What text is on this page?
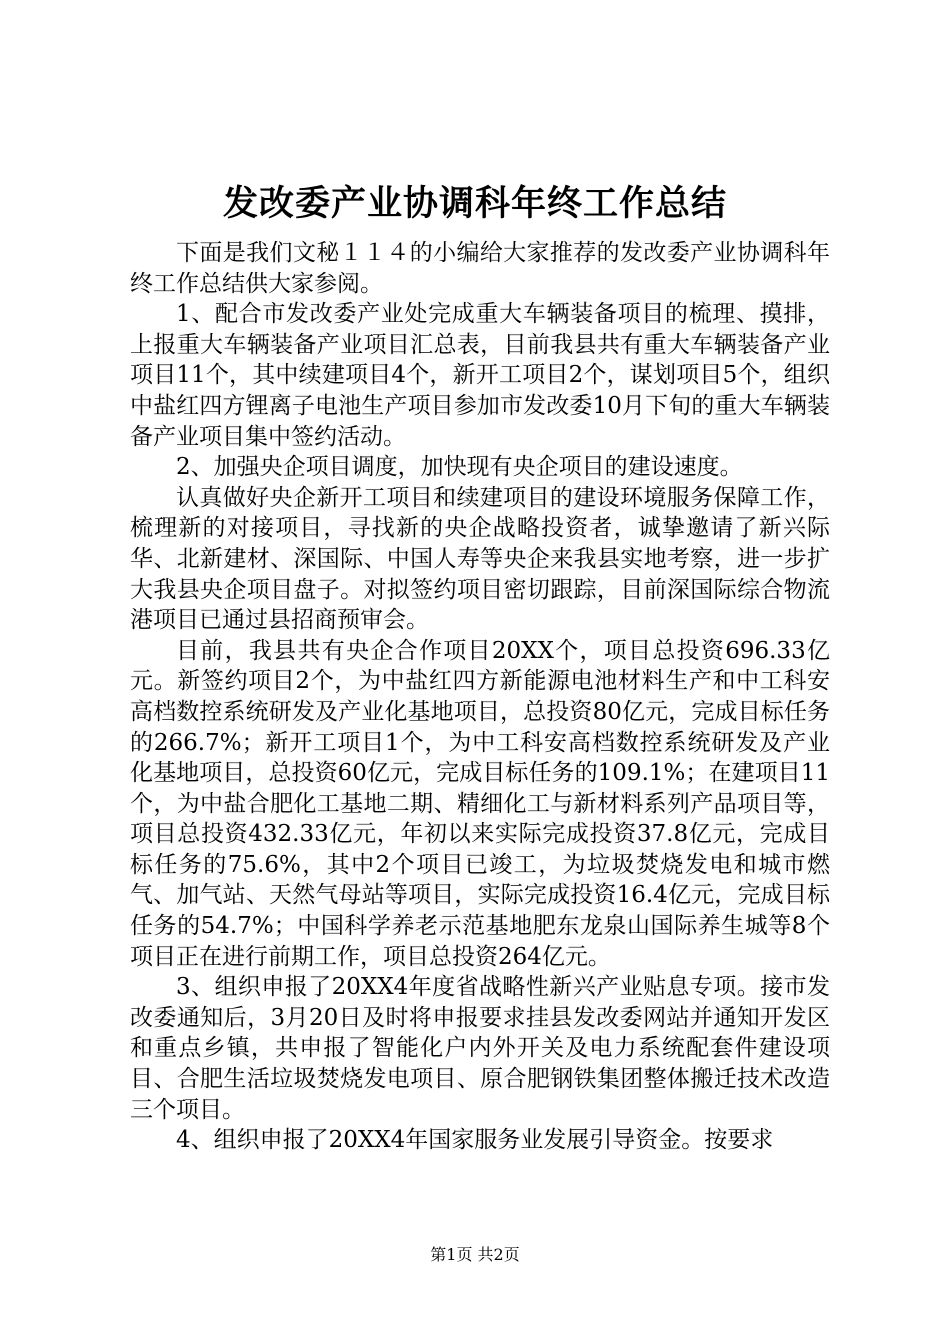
发改委产业协调科年终工作总结

下面是我们文秘１１４的小编给大家推荐的发改委产业协调科年终工作总结供大家参阅。

1、配合市发改委产业处完成重大车辆装备项目的梳理、摸排，上报重大车辆装备产业项目汇总表，目前我县共有重大车辆装备产业项目11个，其中续建项目4个，新开工项目2个，谋划项目5个，组织中盐红四方锂离子电池生产项目参加市发改委10月下旬的重大车辆装备产业项目集中签约活动。

2、加强央企项目调度，加快现有央企项目的建设速度。

认真做好央企新开工项目和续建项目的建设环境服务保障工作，梳理新的对接项目，寻找新的央企战略投资者，诚挚邀请了新兴际华、北新建材、深国际、中国人寿等央企来我县实地考察，进一步扩大我县央企项目盘子。对拟签约项目密切跟踪，目前深国际综合物流港项目已通过县招商预审会。

目前，我县共有央企合作项目20XX个，项目总投资696.33亿元。新签约项目2个，为中盐红四方新能源电池材料生产和中工科安高档数控系统研发及产业化基地项目，总投资80亿元，完成目标任务的266.7%；新开工项目1个，为中工科安高档数控系统研发及产业化基地项目，总投资60亿元，完成目标任务的109.1%；在建项目11个，为中盐合肥化工基地二期、精细化工与新材料系列产品项目等，项目总投资432.33亿元，年初以来实际完成投资37.8亿元，完成目标任务的75.6%，其中2个项目已竣工，为垃圾焚烧发电和城市燃气、加气站、天然气母站等项目，实际完成投资16.4亿元，完成目标任务的54.7%；中国科学养老示范基地肥东龙泉山国际养生城等8个项目正在进行前期工作，项目总投资264亿元。

3、组织申报了20XX4年度省战略性新兴产业贴息专项。接市发改委通知后，3月20日及时将申报要求挂县发改委网站并通知开发区和重点乡镇，共申报了智能化户内外开关及电力系统配套件建设项目、合肥生活垃圾焚烧发电项目、原合肥钢铁集团整体搬迁技术改造三个项目。

4、组织申报了20XX4年国家服务业发展引导资金。按要求

第1页 共2页
